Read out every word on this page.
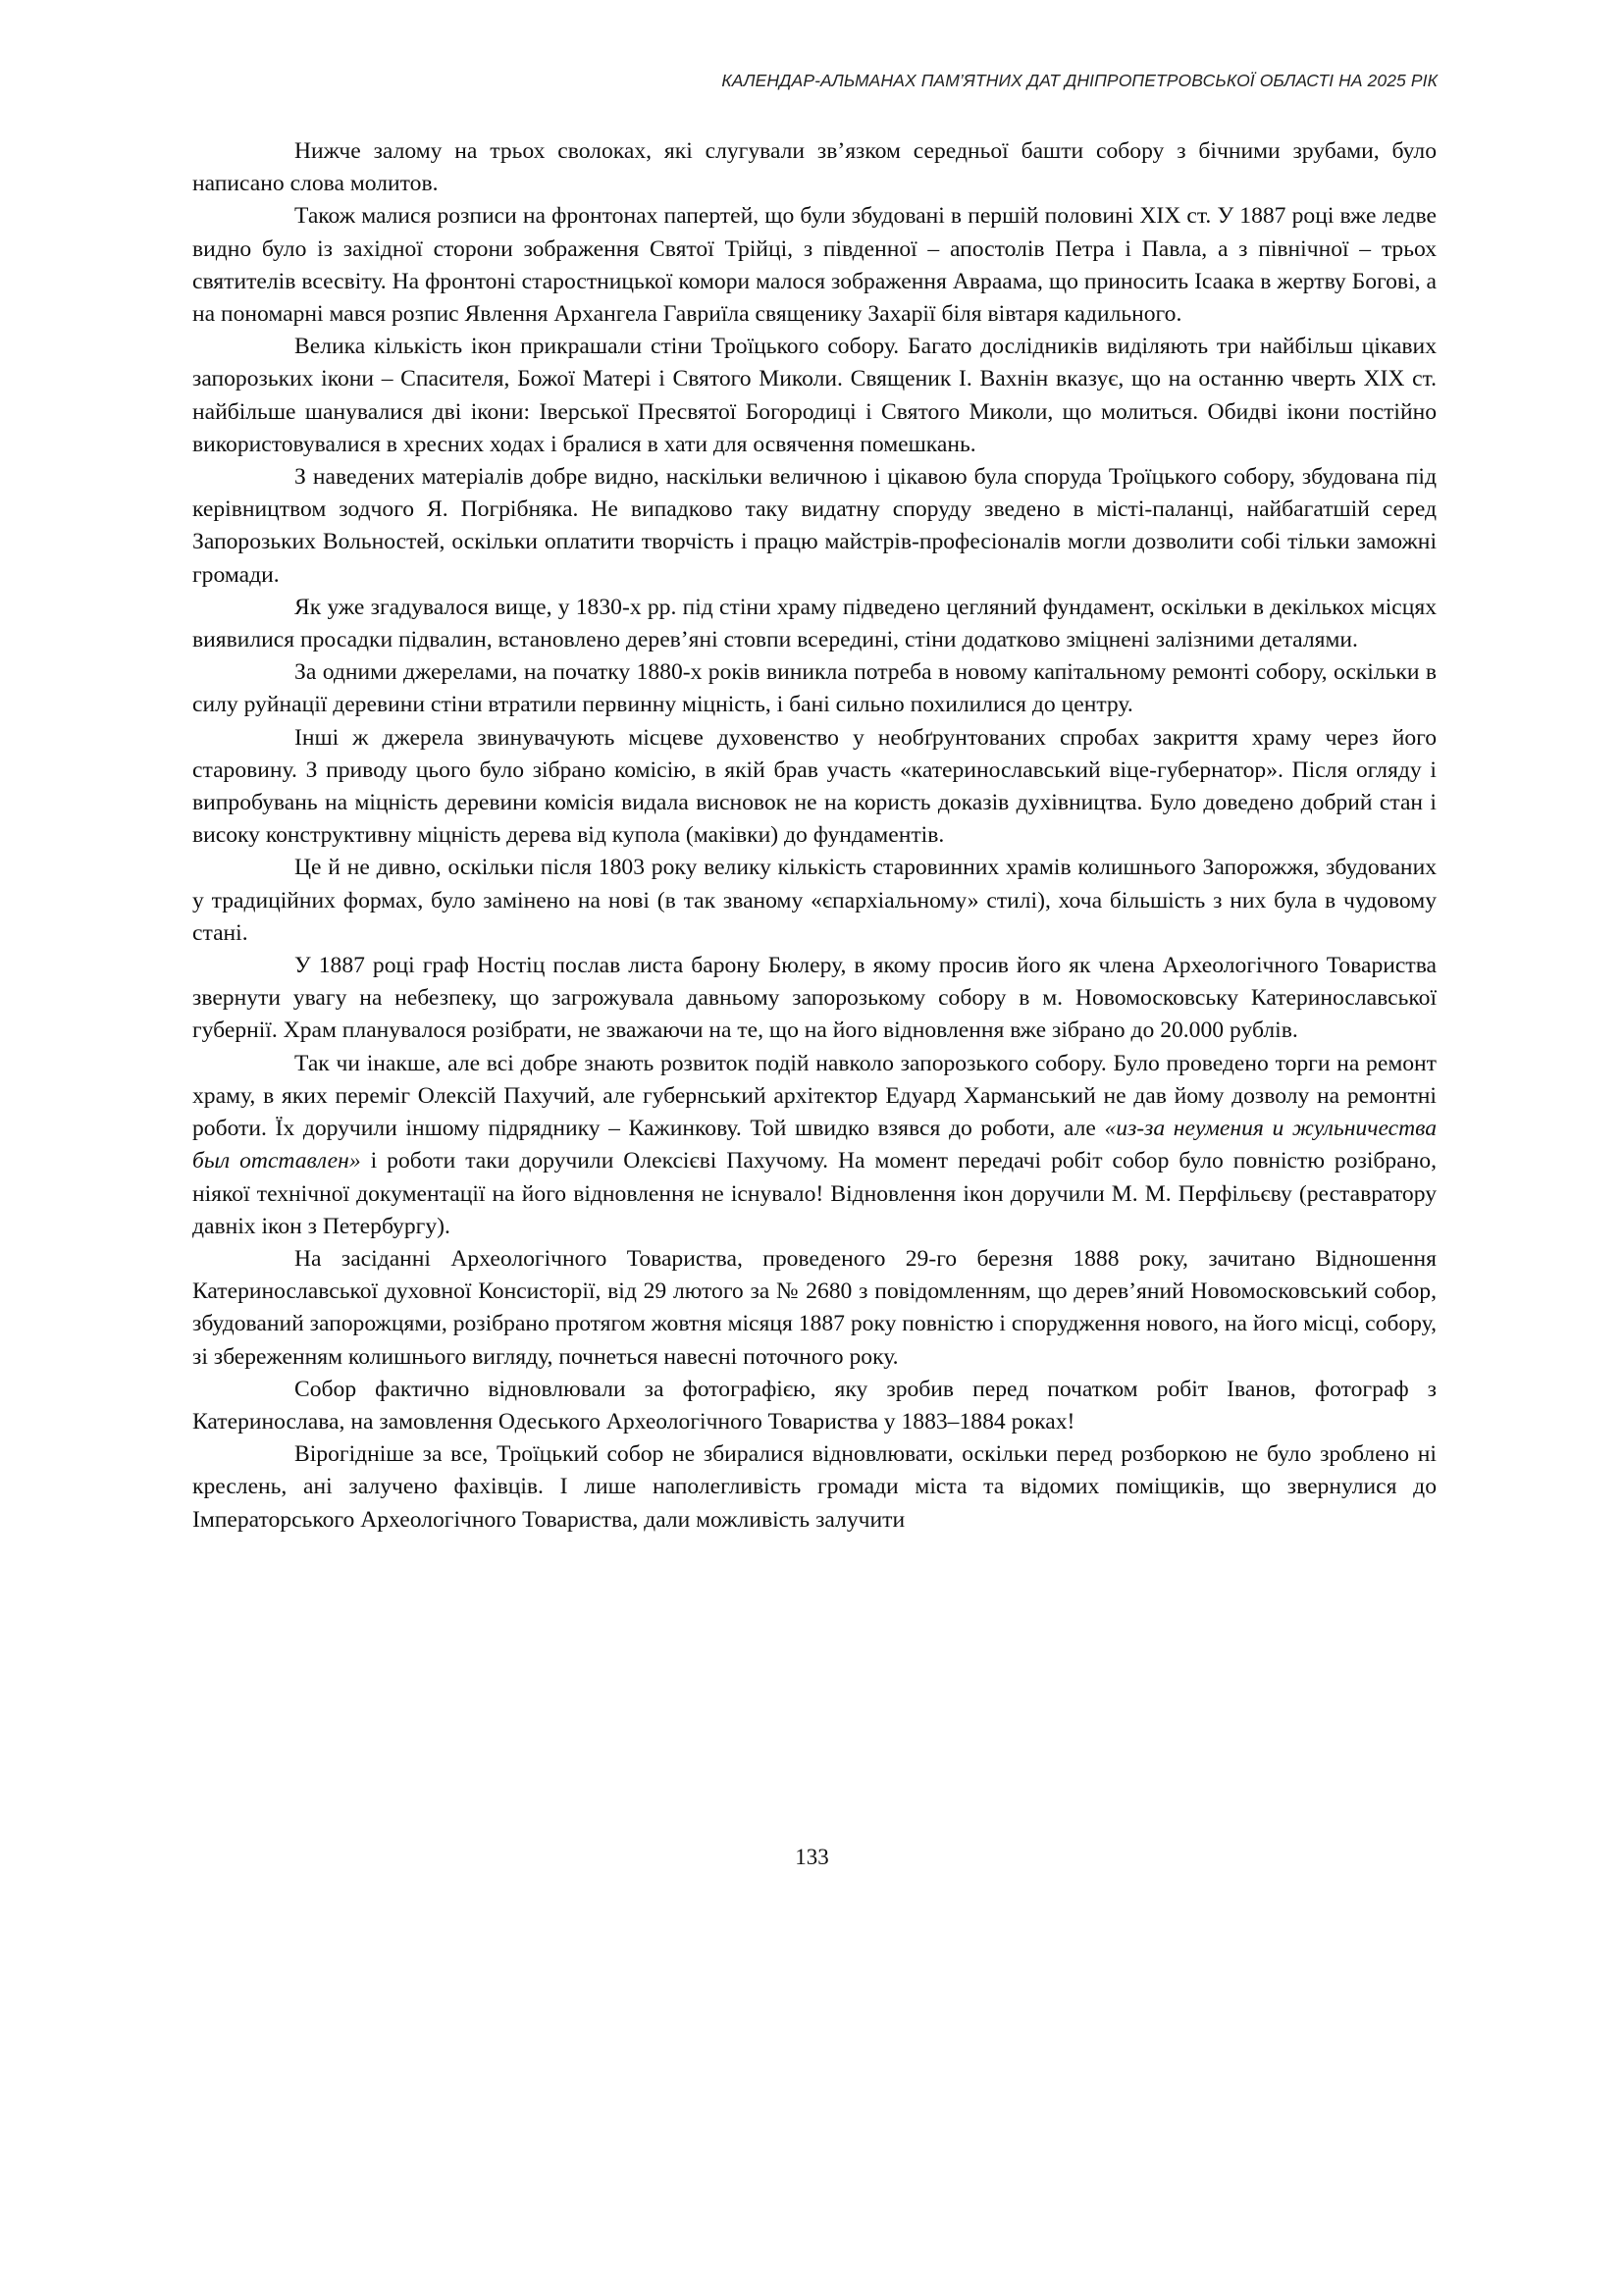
КАЛЕНДАР-АЛЬМАНАХ ПАМ’ЯТНИХ ДАТ ДНІПРОПЕТРОВСЬКОЇ ОБЛАСТІ НА 2025 РІК

Нижче залому на трьох сволоках, які слугували зв’язком середньої башти собору з бічними зрубами, було написано слова молитов.

Також малися розписи на фронтонах папертей, що були збудовані в першій половині XIX ст. У 1887 році вже ледве видно було із західної сторони зображення Святої Трійці, з південної – апостолів Петра і Павла, а з північної – трьох святителів всесвіту. На фронтоні старостницької комори малося зображення Авраама, що приносить Ісаака в жертву Богові, а на пономарні мався розпис Явлення Архангела Гавриїла священику Захарії біля вівтаря кадильного.

Велика кількість ікон прикрашали стіни Троїцького собору. Багато дослідників виділяють три найбільш цікавих запорозьких ікони – Спасителя, Божої Матері і Святого Миколи. Священик І. Вахнін вказує, що на останню чверть XIX ст. найбільше шанувалися дві ікони: Іверської Пресвятої Богородиці і Святого Миколи, що молиться. Обидві ікони постійно використовувалися в хресних ходах і бралися в хати для освячення помешкань.

З наведених матеріалів добре видно, наскільки величною і цікавою була споруда Троїцького собору, збудована під керівництвом зодчого Я. Погрібняка. Не випадково таку видатну споруду зведено в місті-паланці, найбагатшій серед Запорозьких Вольностей, оскільки оплатити творчість і працю майстрів-професіоналів могли дозволити собі тільки заможні громади.

Як уже згадувалося вище, у 1830-х рр. під стіни храму підведено цегляний фундамент, оскільки в декількох місцях виявилися просадки підвалин, встановлено дерев’яні стовпи всередині, стіни додатково зміцнені залізними деталями.

За одними джерелами, на початку 1880-х років виникла потреба в новому капітальному ремонті собору, оскільки в силу руйнації деревини стіни втратили первинну міцність, і бані сильно похилилися до центру.

Інші ж джерела звинувачують місцеве духовенство у необґрунтованих спробах закриття храму через його старовину. З приводу цього було зібрано комісію, в якій брав участь «катеринославський віце-губернатор». Після огляду і випробувань на міцність деревини комісія видала висновок не на користь доказів духівництва. Було доведено добрий стан і високу конструктивну міцність дерева від купола (маківки) до фундаментів.

Це й не дивно, оскільки після 1803 року велику кількість старовинних храмів колишнього Запорожжя, збудованих у традиційних формах, було замінено на нові (в так званому «єпархіальному» стилі), хоча більшість з них була в чудовому стані.

У 1887 році граф Ностіц послав листа барону Бюлеру, в якому просив його як члена Археологічного Товариства звернути увагу на небезпеку, що загрожувала давньому запорозькому собору в м. Новомосковську Катеринославської губернії. Храм планувалося розібрати, не зважаючи на те, що на його відновлення вже зібрано до 20.000 рублів.

Так чи інакше, але всі добре знають розвиток подій навколо запорозького собору. Було проведено торги на ремонт храму, в яких переміг Олексій Пахучий, але губернський архітектор Едуард Харманський не дав йому дозволу на ремонтні роботи. Їх доручили іншому підряднику – Кажинкову. Той швидко взявся до роботи, але «из-за неумения и жульничества был отставлен» і роботи таки доручили Олексієві Пахучому. На момент передачі робіт собор було повністю розібрано, ніякої технічної документації на його відновлення не існувало! Відновлення ікон доручили М. М. Перфільєву (реставратору давніх ікон з Петербургу).

На засіданні Археологічного Товариства, проведеного 29-го березня 1888 року, зачитано Відношення Катеринославської духовної Консисторії, від 29 лютого за № 2680 з повідомленням, що дерев’яний Новомосковський собор, збудований запорожцями, розібрано протягом жовтня місяця 1887 року повністю і спорудження нового, на його місці, собору, зі збереженням колишнього вигляду, почнеться навесні поточного року.

Собор фактично відновлювали за фотографією, яку зробив перед початком робіт Іванов, фотограф з Катеринослава, на замовлення Одеського Археологічного Товариства у 1883–1884 роках!

Вірогідніше за все, Троїцький собор не збиралися відновлювати, оскільки перед розборкою не було зроблено ні креслень, ані залучено фахівців. І лише наполегливість громади міста та відомих поміщиків, що звернулися до Імператорського Археологічного Товариства, дали можливість залучити

133
